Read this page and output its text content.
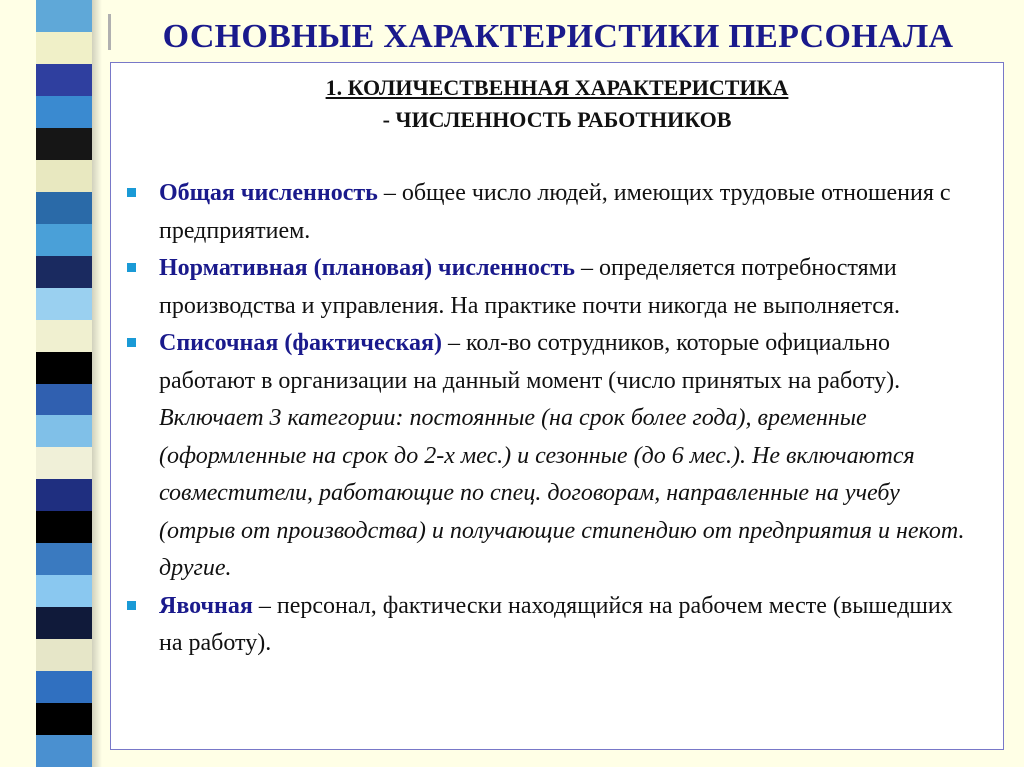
ОСНОВНЫЕ ХАРАКТЕРИСТИКИ ПЕРСОНАЛА
1. КОЛИЧЕСТВЕННАЯ ХАРАКТЕРИСТИКА
- ЧИСЛЕННОСТЬ РАБОТНИКОВ
Общая численность – общее число людей, имеющих трудовые отношения с предприятием.
Нормативная (плановая) численность – определяется потребностями производства и управления. На практике почти никогда не выполняется.
Списочная (фактическая) – кол-во сотрудников, которые официально работают в организации на данный момент (число принятых на работу). Включает 3 категории: постоянные (на срок более года), временные (оформленные на срок до 2-х мес.) и сезонные (до 6 мес.). Не включаются совместители, работающие по спец. договорам, направленные на учебу (отрыв от производства) и получающие стипендию от предприятия и некот. другие.
Явочная – персонал, фактически находящийся на рабочем месте (вышедших на работу).
